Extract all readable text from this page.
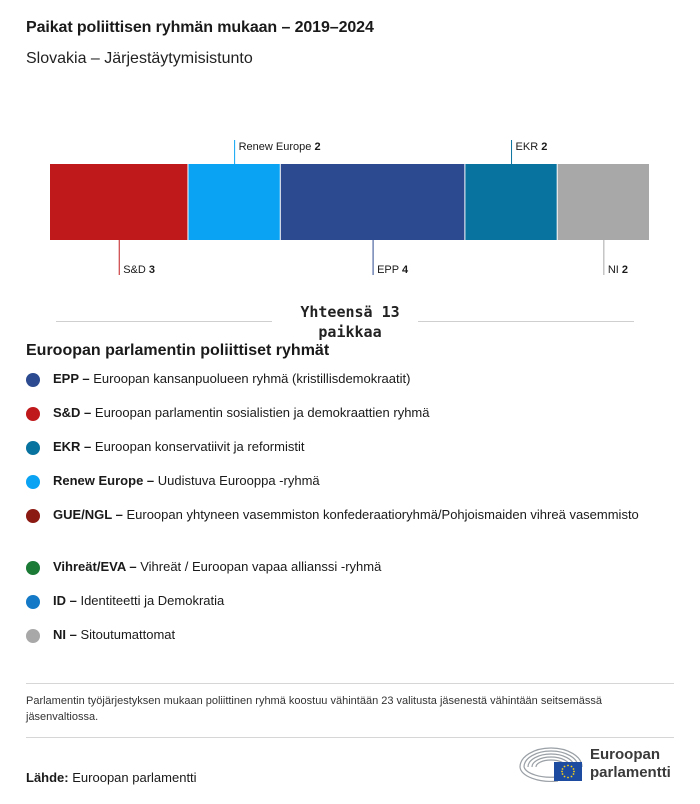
Paikat poliittisen ryhmän mukaan – 2019–2024
Slovakia – Järjestäytymisistunto
S&D 3
Renew Europe 2
EPP 4
EKR 2
NI 2
Yhteensä 13 paikkaa
Euroopan parlamentin poliittiset ryhmät
EPP – Euroopan kansanpuolueen ryhmä (kristillisdemokraatit)
S&D – Euroopan parlamentin sosialistien ja demokraattien ryhmä
EKR – Euroopan konservatiivit ja reformistit
Renew Europe – Uudistuva Eurooppa -ryhmä
GUE/NGL – Euroopan yhtyneen vasemmiston konfederaatioryhmä/Pohjoismaiden vihreä vasemmisto
Vihreät/EVA – Vihreät / Euroopan vapaa allianssi -ryhmä
ID – Identiteetti ja Demokratia
NI – Sitoutumattomat
Parlamentin työjärjestyksen mukaan poliittinen ryhmä koostuu vähintään 23 valitusta jäsenestä vähintään seitsemässä jäsenvaltiossa.
Lähde: Euroopan parlamentti
Euroopan
parlamentti
